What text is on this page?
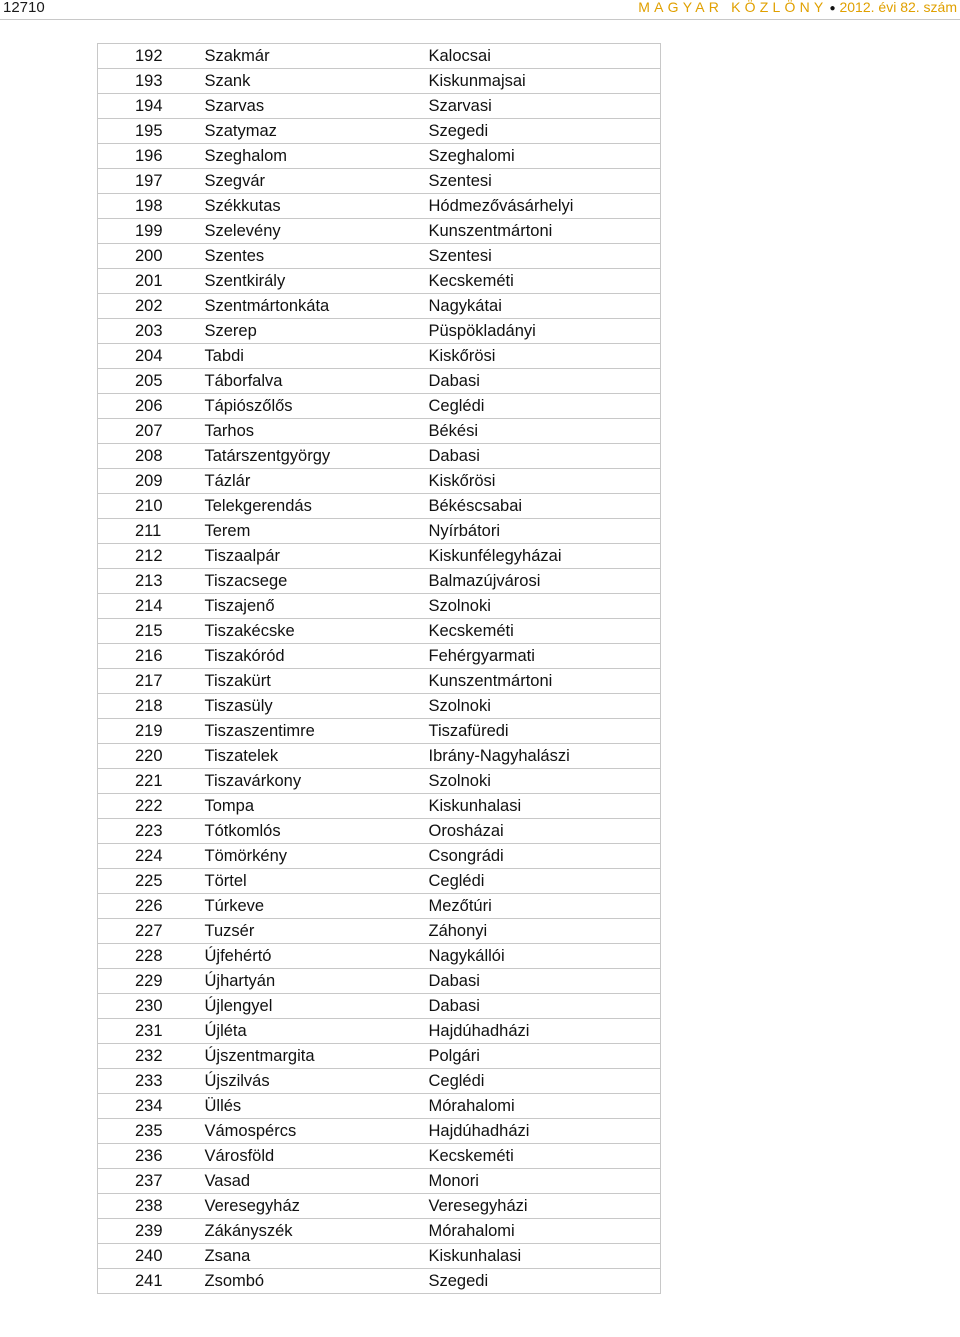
12710	MAGYAR KÖZLÖNY ● 2012. évi 82. szám
192	Szakmár	Kalocsai
193	Szank	Kiskunmajsai
194	Szarvas	Szarvasi
195	Szatymaz	Szegedi
196	Szeghalom	Szeghalomi
197	Szegvár	Szentesi
198	Székkutas	Hódmezővásárhelyi
199	Szelevény	Kunszentmártoni
200	Szentes	Szentesi
201	Szentkirály	Kecskeméti
202	Szentmártonkáta	Nagykátai
203	Szerep	Püspökladányi
204	Tabdi	Kiskőrösi
205	Táborfalva	Dabasi
206	Tápiószőlős	Ceglédi
207	Tarhos	Békési
208	Tatárszentgyörgy	Dabasi
209	Tázlár	Kiskőrösi
210	Telekgerendás	Békéscsabai
211	Terem	Nyírbátori
212	Tiszaalpár	Kiskunfélegyházai
213	Tiszacsege	Balmazújvárosi
214	Tiszajenő	Szolnoki
215	Tiszakécske	Kecskeméti
216	Tiszakóród	Fehérgyarmati
217	Tiszakürt	Kunszentmártoni
218	Tiszasüly	Szolnoki
219	Tiszaszentimre	Tiszafüredi
220	Tiszatelek	Ibrány-Nagyhalászi
221	Tiszavárkony	Szolnoki
222	Tompa	Kiskunhalasi
223	Tótkomlós	Orosházai
224	Tömörkény	Csongrádi
225	Törtel	Ceglédi
226	Túrkeve	Mezőtúri
227	Tuzsér	Záhonyi
228	Újfehértó	Nagykállói
229	Újhartyán	Dabasi
230	Újlengyel	Dabasi
231	Újléta	Hajdúhadházi
232	Újszentmargita	Polgári
233	Újszilvás	Ceglédi
234	Üllés	Mórahalomi
235	Vámospércs	Hajdúhadházi
236	Városföld	Kecskeméti
237	Vasad	Monori
238	Veresegyház	Veresegyházi
239	Zákányszék	Mórahalomi
240	Zsana	Kiskunhalasi
241	Zsombó	Szegedi
